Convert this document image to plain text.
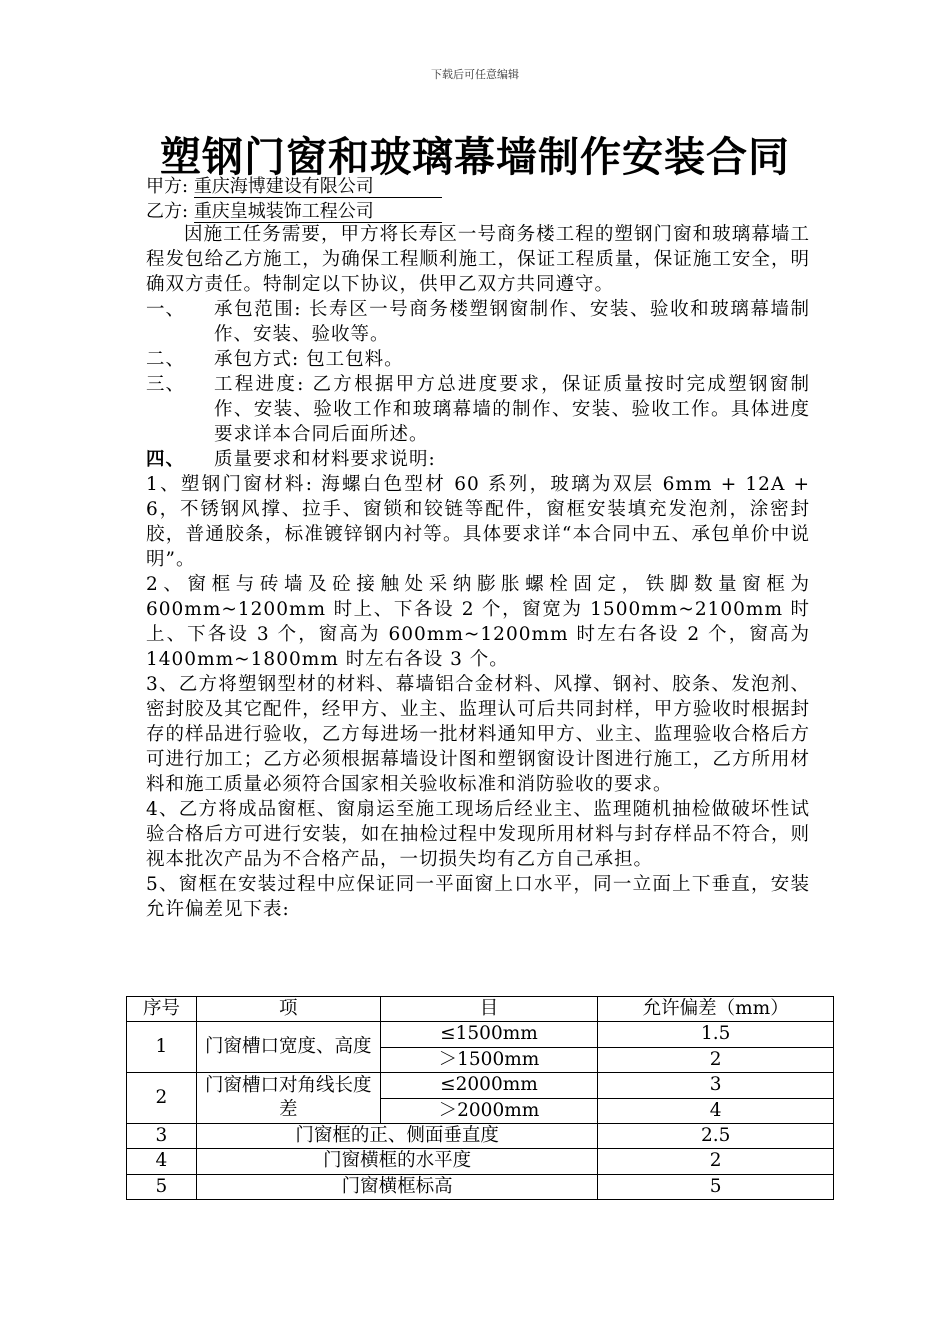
下载后可任意编辑
塑钢门窗和玻璃幕墙制作安装合同
甲方: 重庆海博建设有限公司
乙方: 重庆皇城装饰工程公司

因施工任务需要，甲方将长寿区一号商务楼工程的塑钢门窗和玻璃幕墙工程发包给乙方施工，为确保工程顺利施工，保证工程质量，保证施工安全，明确双方责任。特制定以下协议，供甲乙双方共同遵守。

一、 承包范围: 长寿区一号商务楼塑钢窗制作、安装、验收和玻璃幕墙制作、安装、验收等。

二、 承包方式: 包工包料。

三、 工程进度: 乙方根据甲方总进度要求，保证质量按时完成塑钢窗制作、安装、验收工作和玻璃幕墙的制作、安装、验收工作。具体进度要求详本合同后面所述。

四、 质量要求和材料要求说明:

1、塑钢门窗材料: 海螺白色型材 60 系列，玻璃为双层 6mm + 12A + 6，不锈钢风撑、拉手、窗锁和铰链等配件，窗框安装填充发泡剂，涂密封胶，普通胶条，标准镀锌钢内衬等。具体要求详“本合同中五、承包单价中说明”。

2、窗框与砖墙及砼接触处采纳膨胀螺栓固定，铁脚数量窗框为 600mm~1200mm 时上、下各设 2 个，窗宽为 1500mm~2100mm 时上、下各设 3 个，窗高为 600mm~1200mm 时左右各设 2 个，窗高为 1400mm~1800mm 时左右各设 3 个。

3、乙方将塑钢型材的材料、幕墙铝合金材料、风撑、钢衬、胶条、发泡剂、密封胶及其它配件，经甲方、业主、监理认可后共同封样，甲方验收时根据封存的样品进行验收，乙方每进场一批材料通知甲方、业主、监理验收合格后方可进行加工；乙方必须根据幕墙设计图和塑钢窗设计图进行施工，乙方所用材料和施工质量必须符合国家相关验收标准和消防验收的要求。

4、乙方将成品窗框、窗扇运至施工现场后经业主、监理随机抽检做破坏性试验合格后方可进行安装，如在抽检过程中发现所用材料与封存样品不符合，则视本批次产品为不合格产品，一切损失均有乙方自己承担。

5、窗框在安装过程中应保证同一平面窗上口水平，同一立面上下垂直，安装允许偏差见下表:

序号	项	目	允许偏差（mm）
1	门窗槽口宽度、高度	≤1500mm	1.5
		＞1500mm	2
2	门窗槽口对角线长度差	≤2000mm	3
		＞2000mm	4
3	门窗框的正、侧面垂直度		2.5
4	门窗横框的水平度		2
5	门窗横框标高		5
